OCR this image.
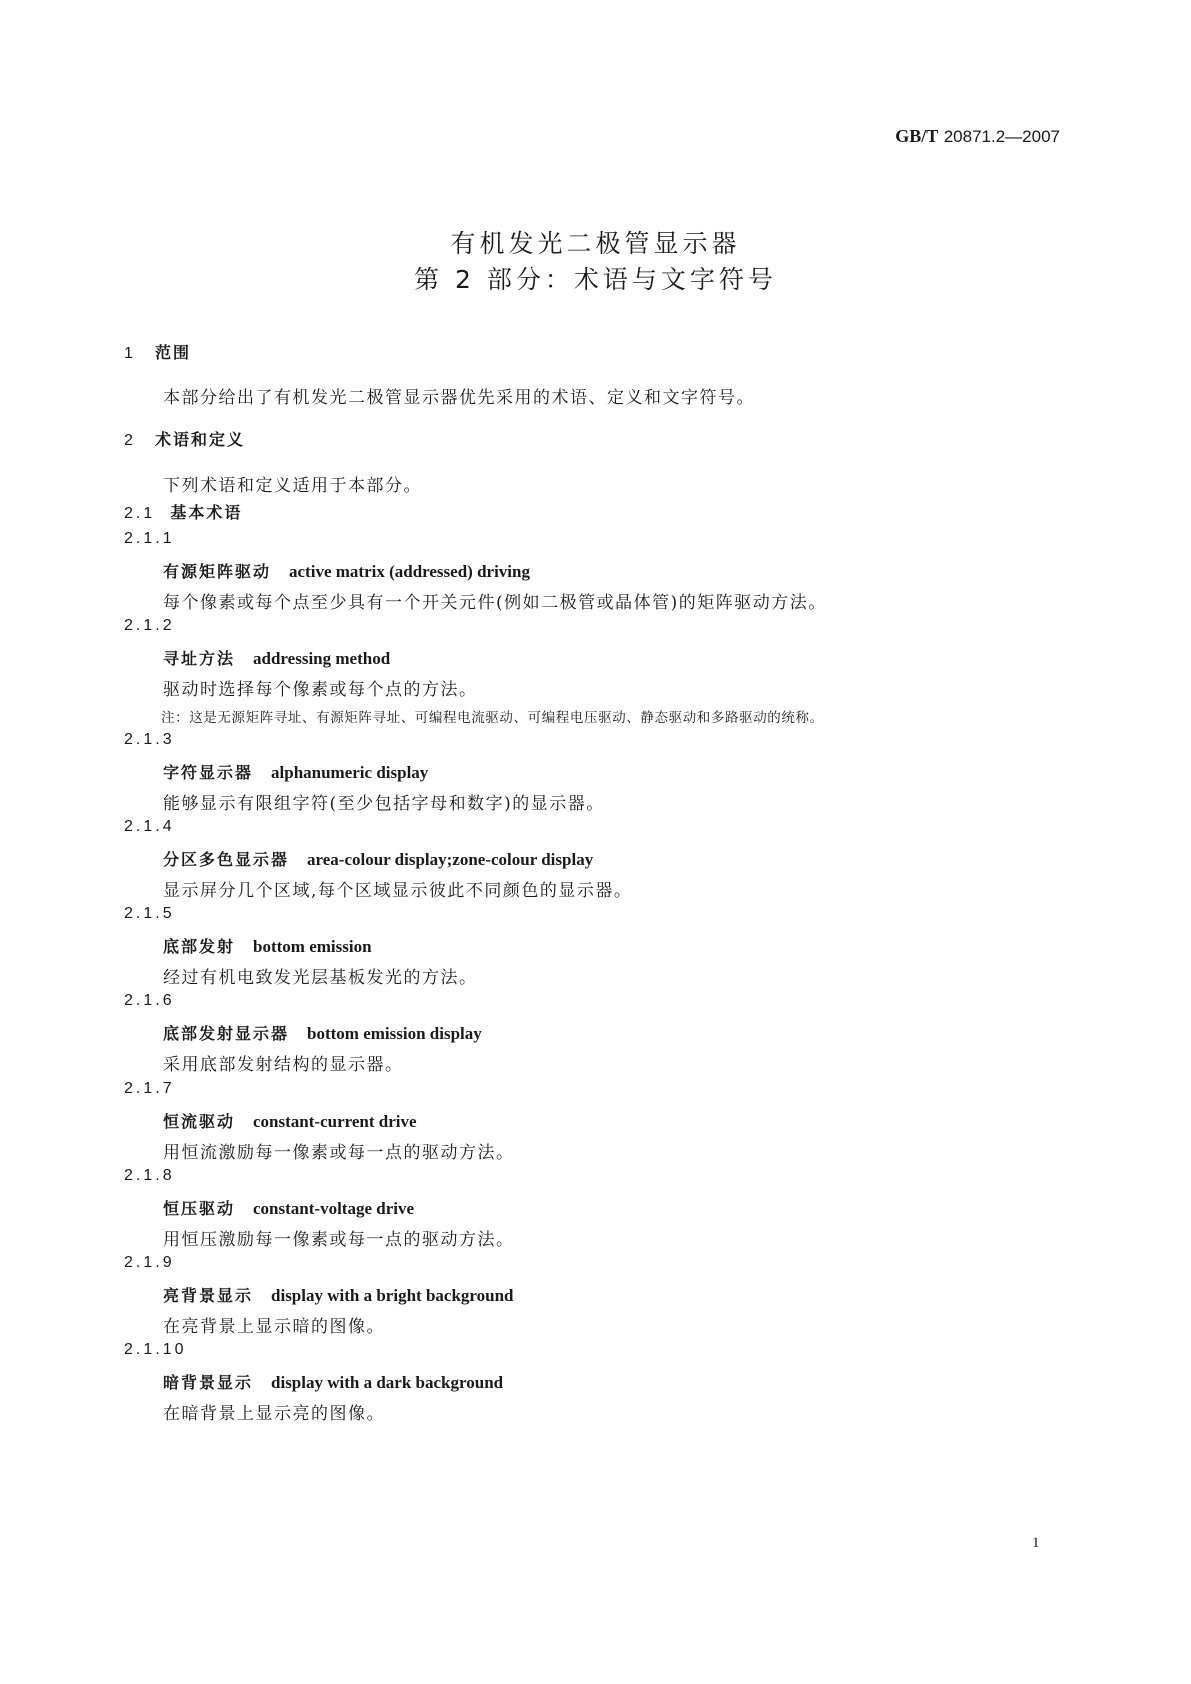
GB/T 20871.2—2007
有机发光二极管显示器
第 2 部分：术语与文字符号
1 范围
本部分给出了有机发光二极管显示器优先采用的术语、定义和文字符号。
2 术语和定义
下列术语和定义适用于本部分。
2.1 基本术语
2.1.1
有源矩阵驱动 active matrix (addressed) driving
每个像素或每个点至少具有一个开关元件(例如二极管或晶体管)的矩阵驱动方法。
2.1.2
寻址方法 addressing method
驱动时选择每个像素或每个点的方法。
注：这是无源矩阵寻址、有源矩阵寻址、可编程电流驱动、可编程电压驱动、静态驱动和多路驱动的统称。
2.1.3
字符显示器 alphanumeric display
能够显示有限组字符(至少包括字母和数字)的显示器。
2.1.4
分区多色显示器 area-colour display;zone-colour display
显示屏分几个区域,每个区域显示彼此不同颜色的显示器。
2.1.5
底部发射 bottom emission
经过有机电致发光层基板发光的方法。
2.1.6
底部发射显示器 bottom emission display
采用底部发射结构的显示器。
2.1.7
恒流驱动 constant-current drive
用恒流激励每一像素或每一点的驱动方法。
2.1.8
恒压驱动 constant-voltage drive
用恒压激励每一像素或每一点的驱动方法。
2.1.9
亮背景显示 display with a bright background
在亮背景上显示暗的图像。
2.1.10
暗背景显示 display with a dark background
在暗背景上显示亮的图像。
1
